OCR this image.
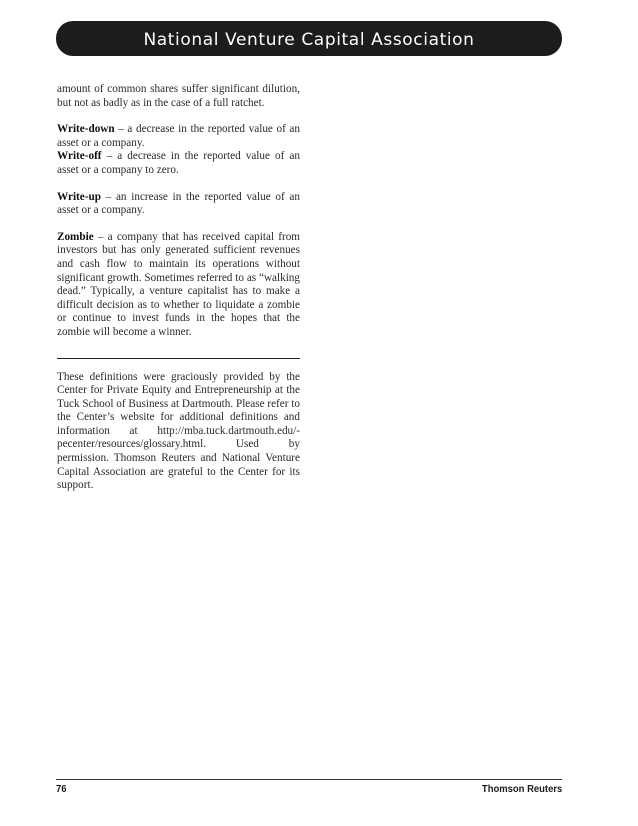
National Venture Capital Association

amount of common shares suffer significant dilution, but not as badly as in the case of a full ratchet.

Write-down – a decrease in the reported value of an asset or a company.

Write-off – a decrease in the reported value of an asset or a company to zero.

Write-up – an increase in the reported value of an asset or a company.

Zombie – a company that has received capital from investors but has only generated sufficient revenues and cash flow to maintain its operations without significant growth. Sometimes referred to as “walking dead.” Typically, a venture capitalist has to make a difficult decision as to whether to liquidate a zombie or continue to invest funds in the hopes that the zombie will become a winner.

These definitions were graciously provided by the Center for Private Equity and Entrepreneurship at the Tuck School of Business at Dartmouth. Please refer to the Center’s website for additional definitions and information at http://mba.tuck.dartmouth.edu/-pecenter/resources/glossary.html. Used by permission. Thomson Reuters and National Venture Capital Association are grateful to the Center for its support.

76	Thomson Reuters
